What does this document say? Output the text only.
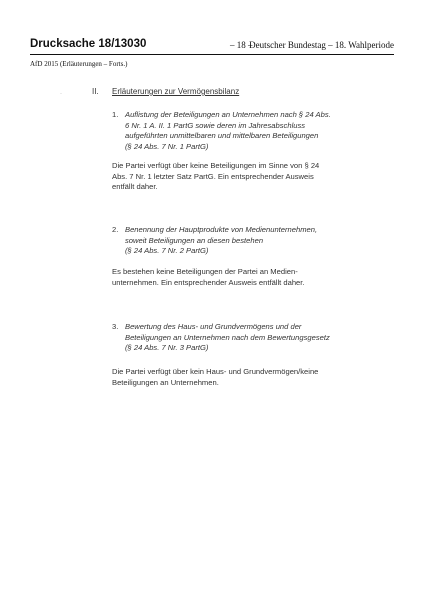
Drucksache 18/13030	– 18 –
Deutscher Bundestag – 18. Wahlperiode
AfD 2015 (Erläuterungen – Forts.)
·	II. Erläuterungen zur Vermögensbilanz
1. Auflistung der Beteiligungen an Unternehmen nach § 24 Abs.
6 Nr. 1 A. II. 1 PartG sowie deren im Jahresabschluss
aufgeführten unmittelbaren und mittelbaren Beteiligungen
(§ 24 Abs. 7 Nr. 1 PartG)
Die Partei verfügt über keine Beteiligungen im Sinne von § 24
Abs. 7 Nr. 1 letzter Satz PartG. Ein entsprechender Ausweis
entfällt daher.
2. Benennung der Hauptprodukte von Medienunternehmen,
soweit Beteiligungen an diesen bestehen
(§ 24 Abs. 7 Nr. 2 PartG)
Es bestehen keine Beteiligungen der Partei an Medien-
unternehmen. Ein entsprechender Ausweis entfällt daher.
3. Bewertung des Haus- und Grundvermögens und der
Beteiligungen an Unternehmen nach dem Bewertungsgesetz
(§ 24 Abs. 7 Nr. 3 PartG)
Die Partei verfügt über kein Haus- und Grundvermögen/keine
Beteiligungen an Unternehmen.
